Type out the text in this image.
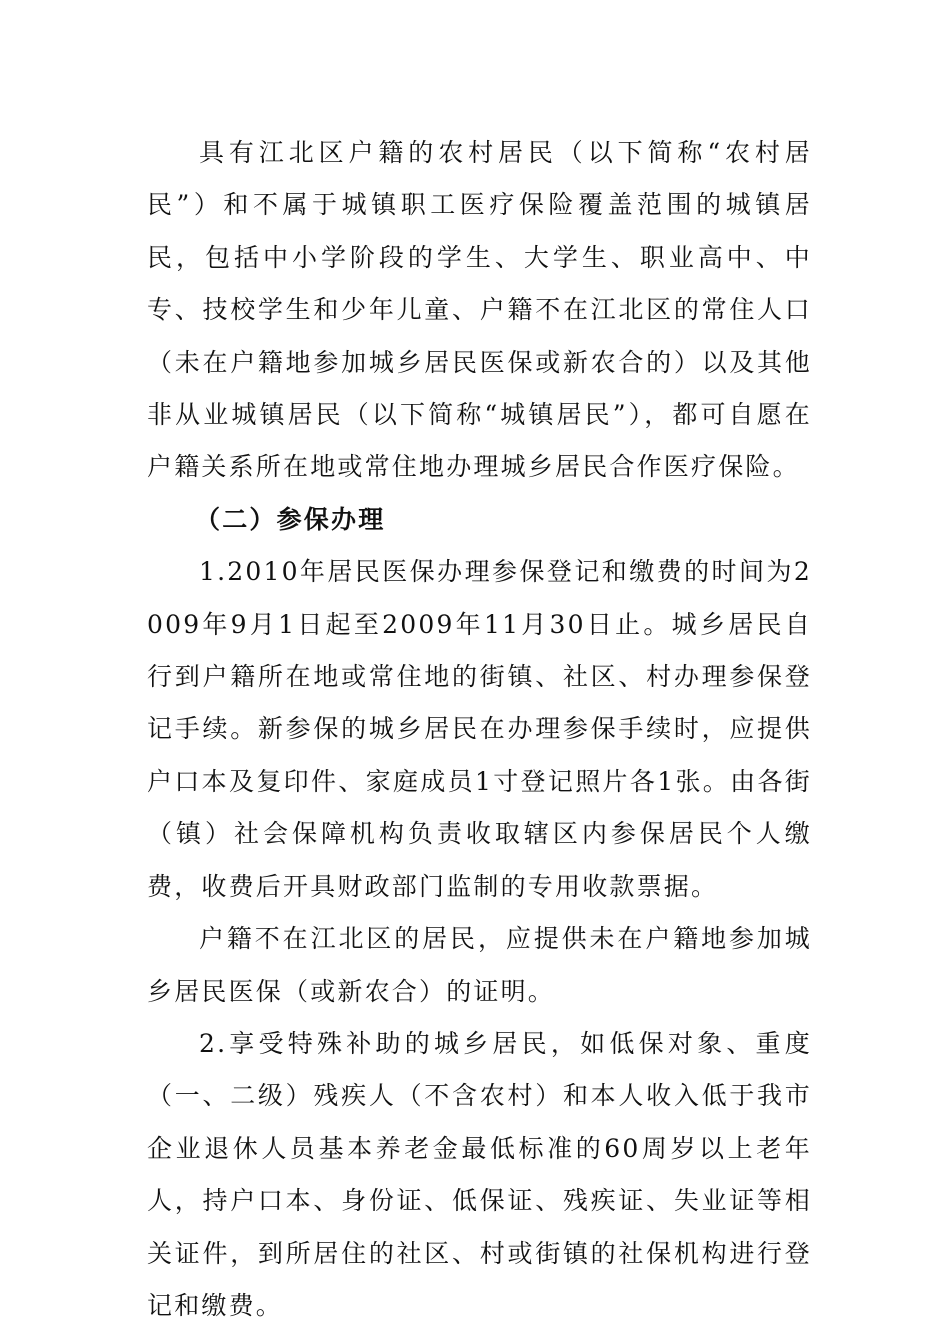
具有江北区户籍的农村居民（以下简称“农村居民”）和不属于城镇职工医疗保险覆盖范围的城镇居民，包括中小学阶段的学生、大学生、职业高中、中专、技校学生和少年儿童、户籍不在江北区的常住人口（未在户籍地参加城乡居民医保或新农合的）以及其他非从业城镇居民（以下简称“城镇居民”），都可自愿在户籍关系所在地或常住地办理城乡居民合作医疗保险。

（二）参保办理

1.2010年居民医保办理参保登记和缴费的时间为2009年9月1日起至2009年11月30日止。城乡居民自行到户籍所在地或常住地的街镇、社区、村办理参保登记手续。新参保的城乡居民在办理参保手续时，应提供户口本及复印件、家庭成员1寸登记照片各1张。由各街（镇）社会保障机构负责收取辖区内参保居民个人缴费，收费后开具财政部门监制的专用收款票据。

户籍不在江北区的居民，应提供未在户籍地参加城乡居民医保（或新农合）的证明。

2.享受特殊补助的城乡居民，如低保对象、重度（一、二级）残疾人（不含农村）和本人收入低于我市企业退休人员基本养老金最低标准的60周岁以上老年人，持户口本、身份证、低保证、残疾证、失业证等相关证件，到所居住的社区、村或街镇的社保机构进行登记和缴费。
